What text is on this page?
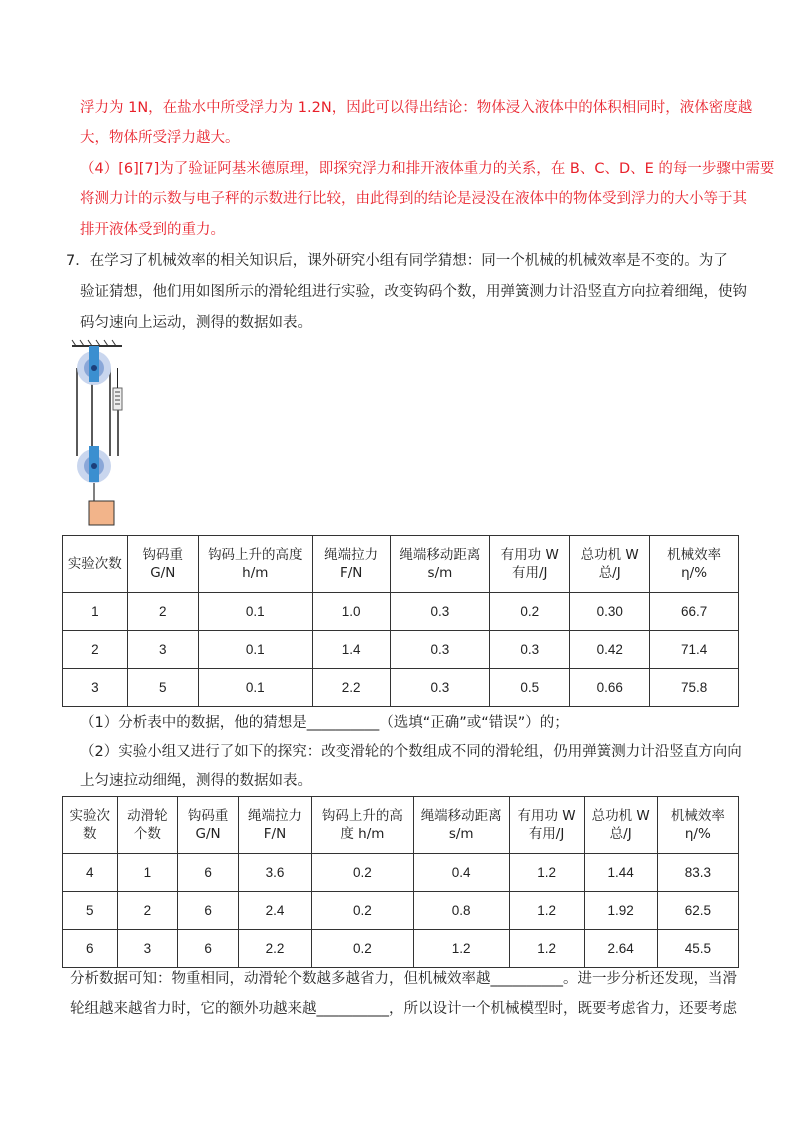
浮力为 1N，在盐水中所受浮力为 1.2N，因此可以得出结论：物体浸入液体中的体积相同时，液体密度越
大，物体所受浮力越大。
（4）[6][7]为了验证阿基米德原理，即探究浮力和排开液体重力的关系，在 B、C、D、E 的每一步骤中需要
将测力计的示数与电子秤的示数进行比较，由此得到的结论是浸没在液体中的物体受到浮力的大小等于其
排开液体受到的重力。
7．在学习了机械效率的相关知识后，课外研究小组有同学猜想：同一个机械的机械效率是不变的。为了
验证猜想，他们用如图所示的滑轮组进行实验，改变钩码个数，用弹簧测力计沿竖直方向拉着细绳，使钩
码匀速向上运动，测得的数据如表。
实验次数	钩码重 G/N	钩码上升的高度 h/m	绳端拉力 F/N	绳端移动距离 s/m	有用功 W有用/J	总功机 W总/J	机械效率 η/%
1	2	0.1	1.0	0.3	0.2	0.30	66.7
2	3	0.1	1.4	0.3	0.3	0.42	71.4
3	5	0.1	2.2	0.3	0.5	0.66	75.8
（1）分析表中的数据，他的猜想是__________（选填“正确”或“错误”）的；
（2）实验小组又进行了如下的探究：改变滑轮的个数组成不同的滑轮组，仍用弹簧测力计沿竖直方向向
上匀速拉动细绳，测得的数据如表。
实验次数	动滑轮个数	钩码重 G/N	绳端拉力 F/N	钩码上升的高度 h/m	绳端移动距离 s/m	有用功 W有用/J	总功机 W总/J	机械效率 η/%
4	1	6	3.6	0.2	0.4	1.2	1.44	83.3
5	2	6	2.4	0.2	0.8	1.2	1.92	62.5
6	3	6	2.2	0.2	1.2	1.2	2.64	45.5
分析数据可知：物重相同，动滑轮个数越多越省力，但机械效率越__________。进一步分析还发现，当滑
轮组越来越省力时，它的额外功越来越__________，所以设计一个机械模型时，既要考虑省力，还要考虑
